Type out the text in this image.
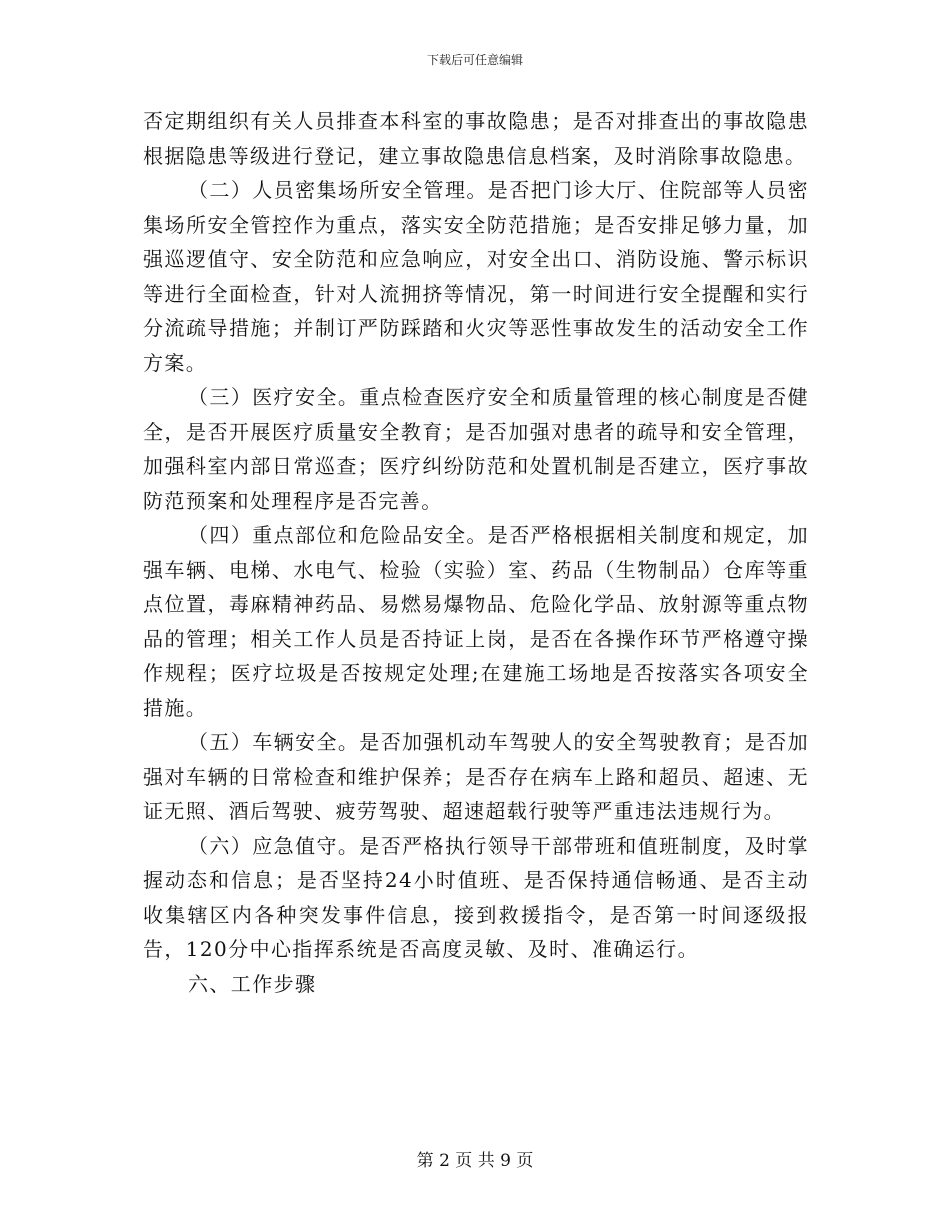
下载后可任意编辑

否定期组织有关人员排查本科室的事故隐患；是否对排查出的事故隐患根据隐患等级进行登记，建立事故隐患信息档案，及时消除事故隐患。

（二）人员密集场所安全管理。是否把门诊大厅、住院部等人员密集场所安全管控作为重点，落实安全防范措施；是否安排足够力量，加强巡逻值守、安全防范和应急响应，对安全出口、消防设施、警示标识等进行全面检查，针对人流拥挤等情况，第一时间进行安全提醒和实行分流疏导措施；并制订严防踩踏和火灾等恶性事故发生的活动安全工作方案。

（三）医疗安全。重点检查医疗安全和质量管理的核心制度是否健全，是否开展医疗质量安全教育；是否加强对患者的疏导和安全管理，加强科室内部日常巡查；医疗纠纷防范和处置机制是否建立，医疗事故防范预案和处理程序是否完善。

（四）重点部位和危险品安全。是否严格根据相关制度和规定，加强车辆、电梯、水电气、检验（实验）室、药品（生物制品）仓库等重点位置，毒麻精神药品、易燃易爆物品、危险化学品、放射源等重点物品的管理；相关工作人员是否持证上岗，是否在各操作环节严格遵守操作规程；医疗垃圾是否按规定处理;在建施工场地是否按落实各项安全措施。

（五）车辆安全。是否加强机动车驾驶人的安全驾驶教育；是否加强对车辆的日常检查和维护保养；是否存在病车上路和超员、超速、无证无照、酒后驾驶、疲劳驾驶、超速超载行驶等严重违法违规行为。

（六）应急值守。是否严格执行领导干部带班和值班制度，及时掌握动态和信息；是否坚持24小时值班、是否保持通信畅通、是否主动收集辖区内各种突发事件信息，接到救援指令，是否第一时间逐级报告，120分中心指挥系统是否高度灵敏、及时、准确运行。

六、工作步骤

第 2 页 共 9 页
